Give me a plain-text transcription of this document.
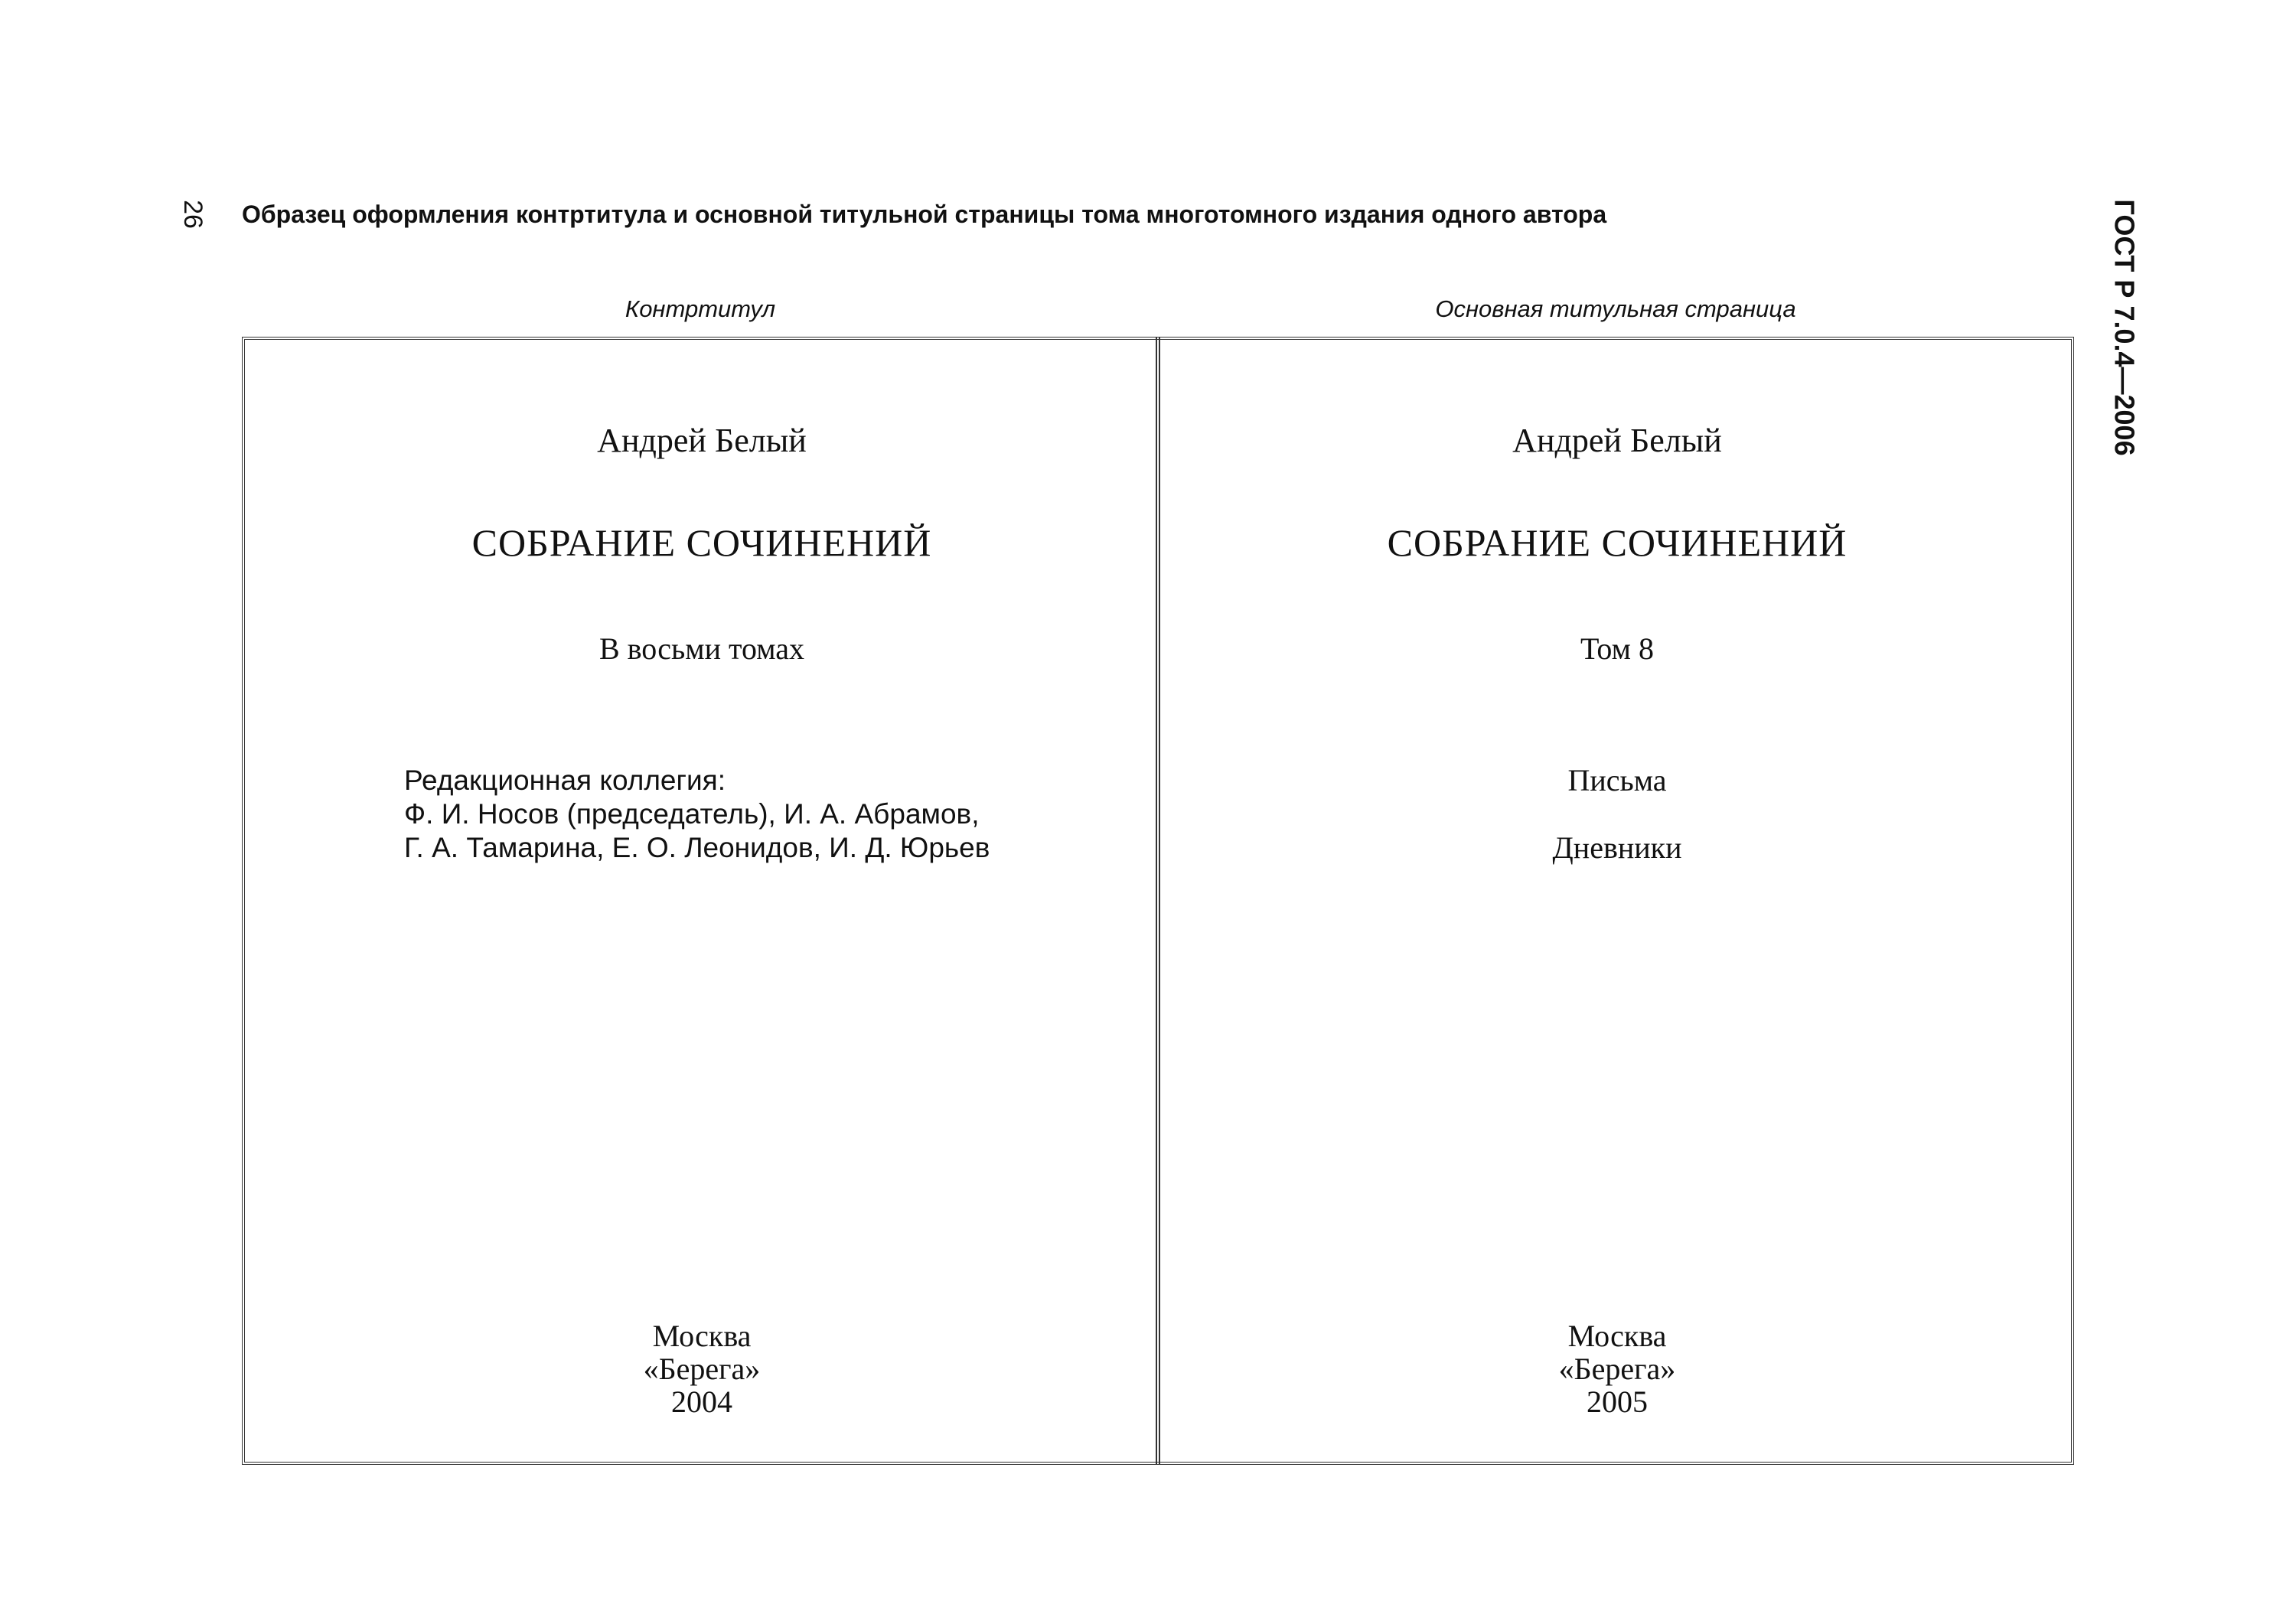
26 Образец оформления контртитула и основной титульной страницы тома многотомного издания одного автора	ГОСТ Р 7.0.4—2006
Контртитул	Основная титульная страница
Андрей Белый
СОБРАНИЕ СОЧИНЕНИЙ
В восьми томах
Редакционная коллегия:
Ф. И. Носов (председатель), И. А. Абрамов,
Г. А. Тамарина, Е. О. Леонидов, И. Д. Юрьев
Москва
«Берега»
2004
Андрей Белый
СОБРАНИЕ СОЧИНЕНИЙ
Том 8
Письма
Дневники
Москва
«Берега»
2005
